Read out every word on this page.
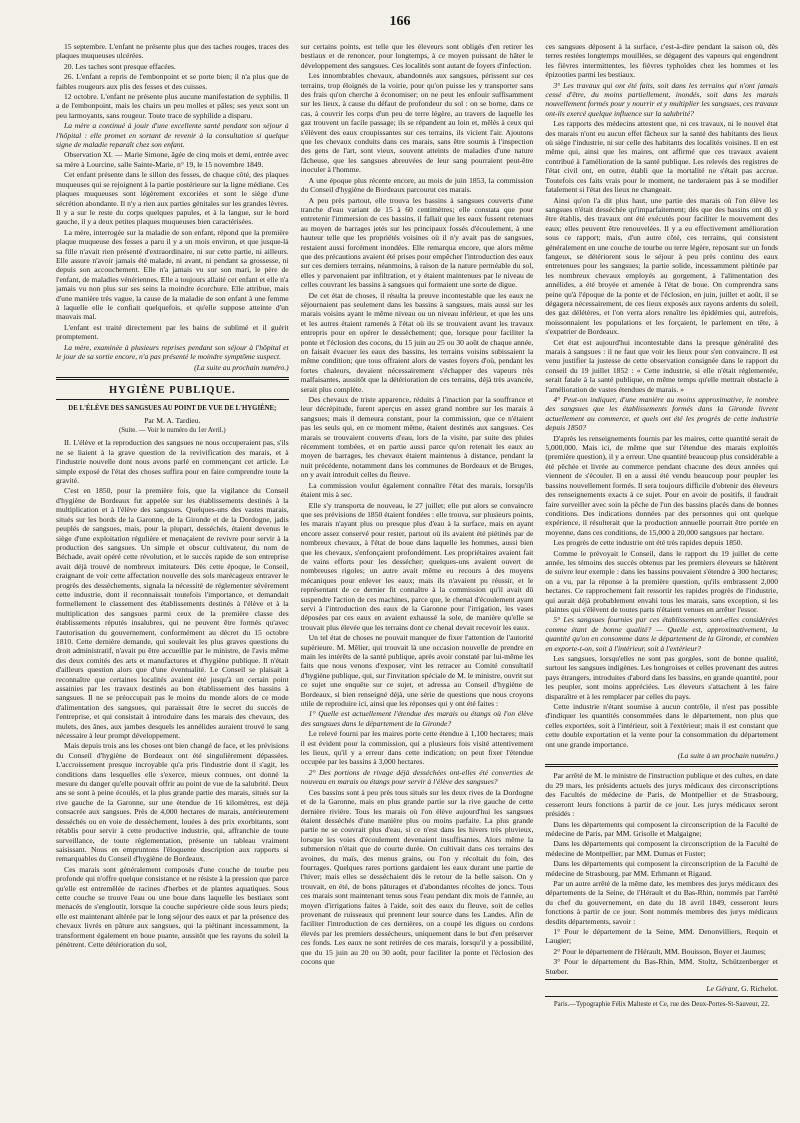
166

15 septembre. L'enfant ne présente plus que des taches rouges, traces des plaques muqueuses ulcérées.

20. Les taches sont presque effacées.

26. L'enfant a repris de l'embonpoint et se porte bien; il n'a plus que de faibles rougeurs aux plis des fesses et des cuisses.

12 octobre. L'enfant ne présente plus aucune manifestation de syphilis. Il a de l'embonpoint, mais les chairs un peu molles et pâles; ses yeux sont un peu larmoyants, sans rougeur. Toute trace de syphilide a disparu.

La mère a continué à jouir d'une excellente santé pendant son séjour à l'hôpital : elle promet en sortant de revenir à la consultation si quelque signe de maladie reparaît chez son enfant.

Observation XI. — Marie Simone, âgée de cinq mois et demi, entrée avec sa mère à Lourcine, salle Sainte-Marie, n° 19, le 15 novembre 1849.

Cet enfant présente dans le sillon des fesses, de chaque côté, des plaques muqueuses qui se rejoignent à la partie postérieure sur la ligne médiane. Ces plaques muqueuses sont légèrement excoriées et sont le siège d'une sécrétion abondante. Il n'y a rien aux parties génitales sur les grandes lèvres. Il y a sur le reste du corps quelques papules, et à la langue, sur le bord gauche, il y a deux petites plaques muqueuses bien caractérisées.

La mère, interrogée sur la maladie de son enfant, répond que la première plaque muqueuse des fesses a paru il y a un mois environ, et que jusque-là sa fille n'avait rien présenté d'extraordinaire, ni sur cette partie, ni ailleurs. Elle assure n'avoir jamais été malade, ni avant, ni pendant sa grossesse, ni depuis son accouchement. Elle n'a jamais vu sur son mari, le père de l'enfant, de maladies vénériennes. Elle a toujours allaité cet enfant et elle n'a jamais vu non plus sur ses seins la moindre écorchure. Elle attribue, mais d'une manière très vague, la cause de la maladie de son enfant à une femme à laquelle elle le confiait quelquefois, et qu'elle suppose atteinte d'un mauvais mal.

L'enfant est traité directement par les bains de sublimé et il guérit promptement.

La mère, examinée à plusieurs reprises pendant son séjour à l'hôpital et le jour de sa sortie encore, n'a pas présenté le moindre symptôme suspect.

(La suite au prochain numéro.)
HYGIÈNE PUBLIQUE.
DE L'ÉLÈVE DES SANGSUES AU POINT DE VUE DE L'HYGIÈNE;
Par M. A. Tardieu.
(Suite. — Voir le numéro du 1er Avril.)

II. L'élève et la reproduction des sangsues ne nous occuperaient pas, s'ils ne se liaient à la grave question de la revivification des marais, et à l'industrie nouvelle dont nous avons parlé en commençant cet article. Le simple exposé de l'état des choses suffira pour en faire comprendre toute la gravité.

C'est en 1850, pour la première fois, que la vigilance du Conseil d'hygiène de Bordeaux fut appelée sur les établissements destinés à la multiplication et à l'élève des sangsues. Quelques-uns des vastes marais, situés sur les bords de la Garonne, de la Gironde et de la Dordogne, jadis peuplés de sangsues, mais, pour la plupart, desséchés, étaient devenus le siège d'une exploitation régulière et menaçaient de revivre pour servir à la production des sangsues. Un simple et obscur cultivateur, du nom de Béchade, avait opéré cette révolution, et le succès rapide de son entreprise avait déjà trouvé de nombreux imitateurs. Dès cette époque, le Conseil, craignant de voir cette affectation nouvelle des sols marécageux entraver le progrès des dessèchements, signala la nécessité de réglementer sévèrement cette industrie, dont il reconnaissait toutefois l'importance, et demandait formellement le classement des établissements destinés à l'élève et à la multiplication des sangsues parmi ceux de la première classe des établissements réputés insalubres, qui ne peuvent être formés qu'avec l'autorisation du gouvernement, conformément au décret du 15 octobre 1810. Cette dernière demande, qui soulevait les plus graves questions du droit administratif, n'avait pu être accueillie par le ministre, de l'avis même des deux comités des arts et manufactures et d'hygiène publique. Il n'était d'ailleurs question alors que d'une éventualité. Le Conseil se plaisait à reconnaître que certaines localités avaient été jusqu'à un certain point assainies par les travaux destinés au bon établissement des bassins à sangsues. Il ne se préoccupait pas le moins du monde alors de ce mode d'alimentation des sangsues, qui paraissait être le secret du succès de l'entreprise, et qui consistait à introduire dans les marais des chevaux, des mulets, des ânes, aux jambes desquels les annélides auraient trouvé le sang nécessaire à leur prompt développement.

Mais depuis trois ans les choses ont bien changé de face, et les prévisions du Conseil d'hygiène de Bordeaux ont été singulièrement dépassées. L'accroissement presque incroyable qu'a pris l'industrie dont il s'agit, les conditions dans lesquelles elle s'exerce, mieux connues, ont donné la mesure du danger qu'elle pouvait offrir au point de vue de la salubrité. Deux ans se sont à peine écoulés, et la plus grande partie des marais, situés sur la rive gauche de la Garonne, sur une étendue de 16 kilomètres, est déjà consacrée aux sangsues. Près de 4,000 hectares de marais, antérieurement desséchés ou en voie de dessèchement, louées à des prix exorbitants, sont rétablis pour servir à cette productive industrie, qui, affranchie de toute surveillance, de toute réglementation, présente un tableau vraiment saisissant. Nous en empruntons l'éloquente description aux rapports si remarquables du Conseil d'hygiène de Bordeaux.

Ces marais sont généralement composés d'une couche de tourbe peu profonde qui n'offre quelque consistance et ne résiste à la pression que parce qu'elle est entremêlée de racines d'herbes et de plantes aquatiques. Sous cette couche se trouve l'eau ou une boue dans laquelle les bestiaux sont menacés de s'engloutir, lorsque la couche supérieure cède sous leurs pieds; elle est maintenant altérée par le long séjour des eaux et par la présence des chevaux livrés en pâture aux sangsues, qui la piétinant incessamment, la transforment également en boue puante, aussitôt que les rayons du soleil la pénètrent. Cette détérioration du sol,

sur certains points, est telle que les éleveurs sont obligés d'en retirer les bestiaux et de renoncer, pour longtemps, à ce moyen puissant de hâter le développement des sangsues. Ces localités sont autant de foyers d'infection.

Les innombrables chevaux, abandonnés aux sangsues, périssent sur ces terrains, trop éloignés de la voirie, pour qu'on puisse les y transporter sans des frais qu'on cherche à économiser; on ne peut les enfouir suffisamment sur les lieux, à cause du défaut de profondeur du sol : on se borne, dans ce cas, à couvrir les corps d'un peu de terre légère, au travers de laquelle les gaz trouvent un facile passage; ils se répandent au loin et, mêlés à ceux qui s'élèvent des eaux croupissantes sur ces terrains, ils vicient l'air. Ajoutons que les chevaux conduits dans ces marais, sans être soumis à l'inspection des gens de l'art, sont vieux, souvent atteints de maladies d'une nature fâcheuse, que les sangsues abreuvées de leur sang pourraient peut-être inoculer à l'homme.

A une époque plus récente encore, au mois de juin 1853, la commission du Conseil d'hygiène de Bordeaux parcourut ces marais.

A peu près partout, elle trouva les bassins à sangsues couverts d'une tranche d'eau variant de 15 à 60 centimètres; elle constata que pour entretenir l'immersion de ces bassins, il fallait que les eaux fussent retenues au moyen de barrages jetés sur les principaux fossés d'écoulement, à une hauteur telle que les propriétés voisines où il n'y avait pas de sangsues, restaient aussi forcément inondées. Elle remarqua encore, que alors même que des précautions avaient été prises pour empêcher l'introduction des eaux sur ces derniers terrains, néanmoins, à raison de la nature perméable du sol, elles y parvenaient par infiltration, et y étaient maintenues par le niveau de celles couvrant les bassins à sangsues qui formaient une sorte de digue.

De cet état de choses, il résulta la preuve incontestable que les eaux ne séjournaient pas seulement dans les bassins à sangsues, mais aussi sur les marais voisins ayant le même niveau ou un niveau inférieur, et que les uns et les autres étaient ramenés à l'état où ils se trouvaient avant les travaux entrepris pour en opérer le dessèchement; que, lorsque pour faciliter la ponte et l'éclosion des cocons, du 15 juin au 25 ou 30 août de chaque année, on faisait évacuer les eaux des bassins, les terrains voisins subissaient la même condition; que tous offraient alors de vastes foyers d'où, pendant les fortes chaleurs, devaient nécessairement s'échapper des vapeurs très malfaisantes, aussitôt que la détérioration de ces terrains, déjà très avancée, serait plus complète.

Des chevaux de triste apparence, réduits à l'inaction par la souffrance et leur décrépitude, furent aperçus en assez grand nombre sur les marais à sangsues; mais il demeura constant, pour la commission, que ce n'étaient pas les seuls qui, en ce moment même, étaient destinés aux sangsues. Ces marais se trouvaient couverts d'eau, lors de la visite, par suite des pluies récemment tombées, et en partie aussi parce qu'on retenait les eaux au moyen de barrages, les chevaux étaient maintenus à distance, pendant la nuit précédente, notamment dans les communes de Bordeaux et de Bruges, on y avait introduit celles du fleuve.

La commission voulut également connaître l'état des marais, lorsqu'ils étaient mis à sec.

Elle s'y transporta de nouveau, le 27 juillet; elle put alors se convaincre que ses prévisions de 1850 étaient fondées : elle trouva, sur plusieurs points, les marais n'ayant plus ou presque plus d'eau à la surface, mais en ayant encore assez conservé pour rester, partout où ils avaient été piétinés par de nombreux chevaux, à l'état de boue dans laquelle les hommes, aussi bien que les chevaux, s'enfonçaient profondément. Les propriétaires avaient fait de vains efforts pour les dessécher; quelques-uns avaient ouvert de nombreuses rigoles; un autre avait même eu recours à des moyens mécaniques pour enlever les eaux; mais ils n'avaient pu réussir, et le représentant de ce dernier fit connaître à la commission qu'il avait dû suspendre l'action de ces machines, parce que, le chenal d'écoulement ayant servi à l'introduction des eaux de la Garonne pour l'irrigation, les vases déposées par ces eaux en avaient exhaussé la sole, de manière qu'elle se trouvait plus élevée que les terrains dont ce chenal devait recevoir les eaux.

Un tel état de choses ne pouvait manquer de fixer l'attention de l'autorité supérieure. M. Mêlier, qui trouvait là une occasion nouvelle de prendre en main les intérêts de la santé publique, après avoir constaté par lui-même les faits que nous venons d'exposer, vint les retracer au Comité consultatif d'hygiène publique, qui, sur l'invitation spéciale de M. le ministre, ouvrit sur ce sujet une enquête sur ce sujet, et adressa au Conseil d'hygiène de Bordeaux, si bien renseigné déjà, une série de questions que nous croyons utile de reproduire ici, ainsi que les réponses qui y ont été faites :

1° Quelle est actuellement l'étendue des marais ou étangs où l'on élève des sangsues dans le département de la Gironde?

Le relevé fourni par les maires porte cette étendue à 1,100 hectares; mais il est évident pour la commission, qui a plusieurs fois visité attentivement les lieux, qu'il y a erreur dans cette indication; on peut fixer l'étendue occupée par les bassins à 3,000 hectares.

2° Des portions de rivage déjà desséchées ont-elles été converties de nouveau en marais ou étangs pour servir à l'élève des sangsues?

Ces bassins sont à peu près tous situés sur les deux rives de la Dordogne et de la Garonne, mais en plus grande partie sur la rive gauche de cette dernière rivière. Tous les marais où l'on élève aujourd'hui les sangsues étaient desséchés d'une manière plus ou moins parfaite. La plus grande partie ne se couvrait plus d'eau, si ce n'est dans les hivers très pluvieux, lorsque les voies d'écoulement devenaient insuffisantes. Alors même la submersion n'était que de courte durée. On cultivait dans ces terrains des avoines, du maïs, des menus grains, ou l'on y récoltait du foin, des fourrages. Quelques rares portions gardaient les eaux durant une partie de l'hiver; mais elles se desséchaient dès le retour de la belle saison. On y trouvait, en été, de bons pâturages et d'abondantes récoltes de joncs. Tous ces marais sont maintenant tenus sous l'eau pendant dix mois de l'année, au moyen d'irrigations faites à l'aide, soit des eaux du fleuve, soit de celles provenant de ruisseaux qui prennent leur source dans les Landes. Afin de faciliter l'introduction de ces dernières, on a coupé les digues ou cordons élevés par les premiers dessécheurs, uniquement dans le but d'en préserver ces fonds. Les eaux ne sont retirées de ces marais, lorsqu'il y a possibilité, que du 15 juin au 20 ou 30 août, pour faciliter la ponte et l'éclosion des cocons que

ces sangsues déposent à la surface, c'est-à-dire pendant la saison où, dès terres restées longtemps mouillées, se dégagent des vapeurs qui engendrent les fièvres intermittentes, les fièvres typhoïdes chez les hommes et les épizooties parmi les bestiaux.

3° Les travaux qui ont été faits, soit dans les terrains qui n'ont jamais cessé d'être, du moins partiellement, inondés, soit dans les marais nouvellement formés pour y nourrir et y multiplier les sangsues, ces travaux ont-ils exercé quelque influence sur la salubrité?

Les rapports des médecins attestent que, ni ces travaux, ni le nouvel état des marais n'ont eu aucun effet fâcheux sur la santé des habitants des lieux où siège l'industrie, ni sur celle des habitants des localités voisines. Il en est même qui, ainsi que les maires, ont affirmé que ces travaux avaient contribué à l'amélioration de la santé publique. Les relevés des registres de l'état civil ont, en outre, établi que la mortalité ne s'était pas accrue. Toutefois ces faits vrais pour le moment, ne tarderaient pas à se modifier fatalement si l'état des lieux ne changeait.

Ainsi qu'on l'a dit plus haut, une partie des marais où l'on élève les sangsues n'était desséchée qu'imparfaitement; dès que des bassins ont dû y être établis, des travaux ont été exécutés pour faciliter le mouvement des eaux; elles peuvent être renouvelées. Il y a eu effectivement amélioration sous ce rapport; mais, d'un autre côté, ces terrains, qui consistent généralement en une couche de tourbe ou terre légère, reposant sur un fonds fangeux, se détériorent sous le séjour à peu près continu des eaux entretenues pour les sangsues; la partie solide, incessamment piétinée par les nombreux chevaux employés au gorgement, à l'alimentation des annélides, a été broyée et amenée à l'état de boue. On comprendra sans peine qu'à l'époque de la ponte et de l'éclosion, en juin, juillet et août, il se dégagera nécessairement, de ces lieux exposés aux rayons ardents du soleil, des gaz délétères, et l'on verra alors renaître les épidémies qui, autrefois, moissonnaient les populations et les forçaient, le parlement en tête, à s'expatrier de Bordeaux.

Cet état est aujourd'hui incontestable dans la presque généralité des marais à sangsues : il ne faut que voir les lieux pour s'en convaincre. Il est venu justifier la justesse de cette observation consignée dans le rapport du conseil du 19 juillet 1852 : « Cette industrie, si elle n'était réglementée, serait fatale à la santé publique, en même temps qu'elle mettrait obstacle à l'amélioration de vastes étendues de marais. »

4° Peut-on indiquer, d'une manière au moins approximative, le nombre des sangsues que les établissements formés dans la Gironde livrent actuellement au commerce, et quels ont été les progrès de cette industrie depuis 1850?

D'après les renseignements fournis par les maires, cette quantité serait de 5,000,000. Mais ici, de même que sur l'étendue des marais exploités (première question), il y a erreur. Une quantité beaucoup plus considérable a été pêchée et livrée au commerce pendant chacune des deux années qui viennent de s'écouler. Il en a aussi été vendu beaucoup pour peupler les bassins nouvellement formés. Il sera toujours difficile d'obtenir des éleveurs des renseignements exacts à ce sujet. Pour en avoir de positifs, il faudrait faire surveiller avec soin la pêche de l'un des bassins placés dans de bonnes conditions. Des indications données par des personnes qui ont quelque expérience, il résulterait que la production annuelle pourrait être portée en moyenne, dans ces conditions, de 15,000 à 20,000 sangsues par hectare.

Les progrès de cette industrie ont été très rapides depuis 1850.

Comme le prévoyait le Conseil, dans le rapport du 19 juillet de cette année, les témoins des succès obtenus par les premiers éleveurs se hâtèrent de suivre leur exemple : dans les bassins pouvaient s'étendre à 300 hectares; on a vu, par la réponse à la première question, qu'ils embrassent 2,000 hectares. Ce rapprochement fait ressortir les rapides progrès de l'industrie, qui aurait déjà probablement envahi tous les marais, sans exception, si les plaintes qui s'élèvent de toutes parts n'étaient venues en arrêter l'essor.

5° Les sangsues fournies par ces établissements sont-elles considérées comme étant de bonne qualité? — Quelle est, approximativement, la quantité qu'on en consomme dans le département de la Gironde, et combien en exporte-t-on, soit à l'intérieur, soit à l'extérieur?

Les sangsues, lorsqu'elles ne sont pas gorgées, sont de bonne qualité, surtout les sangsues indigènes. Les hongroises et celles provenant des autres pays étrangers, introduites d'abord dans les bassins, en grande quantité, pour les peupler, sont moins appréciées. Les éleveurs s'attachent à les faire disparaître et à les remplacer par celles du pays.

Cette industrie n'étant soumise à aucun contrôle, il n'est pas possible d'indiquer les quantités consommées dans le département, non plus que celles exportées, soit à l'intérieur, soit à l'extérieur; mais il est constant que cette double exportation et la vente pour la consommation du département ont une grande importance.

(La suite à un prochain numéro.)

Par arrêté de M. le ministre de l'instruction publique et des cultes, en date du 29 mars, les présidents actuels des jurys médicaux des circonscriptions des Facultés de médecine de Paris, de Montpellier et de Strasbourg, cesseront leurs fonctions à partir de ce jour. Les jurys médicaux seront présidés :

Dans les départements qui composent la circonscription de la Faculté de médecine de Paris, par MM. Grisolle et Malgaigne;

Dans les départements qui composent la circonscription de la Faculté de médecine de Montpellier, par MM. Dumas et Fuster;

Dans les départements qui composent la circonscription de la Faculté de médecine de Strasbourg, par MM. Erhmann et Rigaud.

Par un autre arrêté de la même date, les membres des jurys médicaux des départements de la Seine, de l'Hérault et du Bas-Rhin, nommés par l'arrêté du chef du gouvernement, en date du 18 avril 1849, cesseront leurs fonctions à partir de ce jour. Sont nommés membres des jurys médicaux desdits départements, savoir :

1° Pour le département de la Seine, MM. Denonvilliers, Requin et Laugier;

2° Pour le département de l'Hérault, MM. Bouisson, Boyer et Jaumes;

3° Pour le département du Bas-Rhin, MM. Stoltz, Schützenberger et Stœber.

Le Gérant, G. Richelot.
Paris.—Typographie Félix Malteste et Ce, rue des Deux-Portes-St-Sauveur, 22.
